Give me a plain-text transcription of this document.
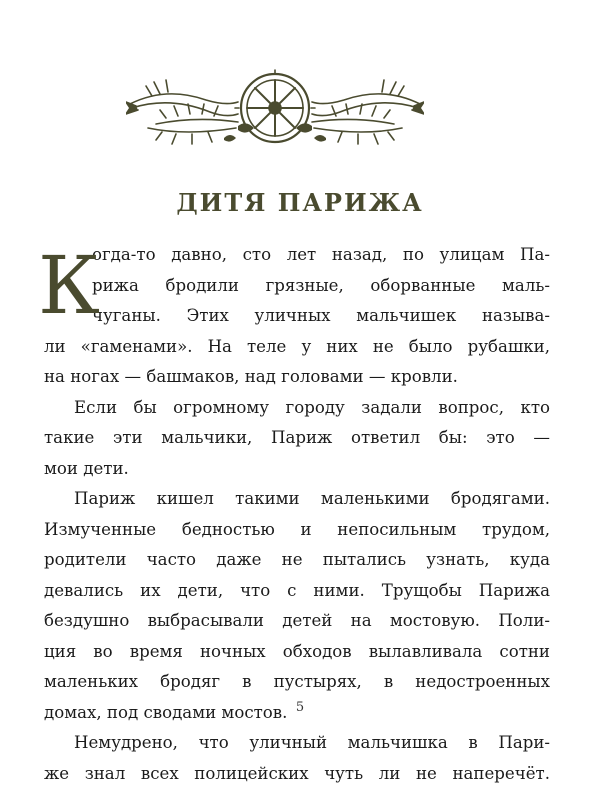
ДИТЯ ПАРИЖА
К
огда-то давно, сто лет назад, по улицам Па-
рижа бродили грязные, оборванные маль-
чуганы. Этих уличных мальчишек называ-
ли «гаменами». На теле у них не было рубашки,
на ногах — башмаков, над головами — кровли.
Если бы огромному городу задали вопрос, кто
такие эти мальчики, Париж ответил бы: это —
мои дети.
Париж кишел такими маленькими бродягами.
Измученные бедностью и непосильным трудом,
родители часто даже не пытались узнать, куда
девались их дети, что с ними. Трущобы Парижа
бездушно выбрасывали детей на мостовую. Поли-
ция во время ночных обходов вылавливала сотни
маленьких бродяг в пустырях, в недостроенных
домах, под сводами мостов.
Немудрено, что уличный мальчишка в Пари-
же знал всех полицейских чуть ли не наперечёт.
5
